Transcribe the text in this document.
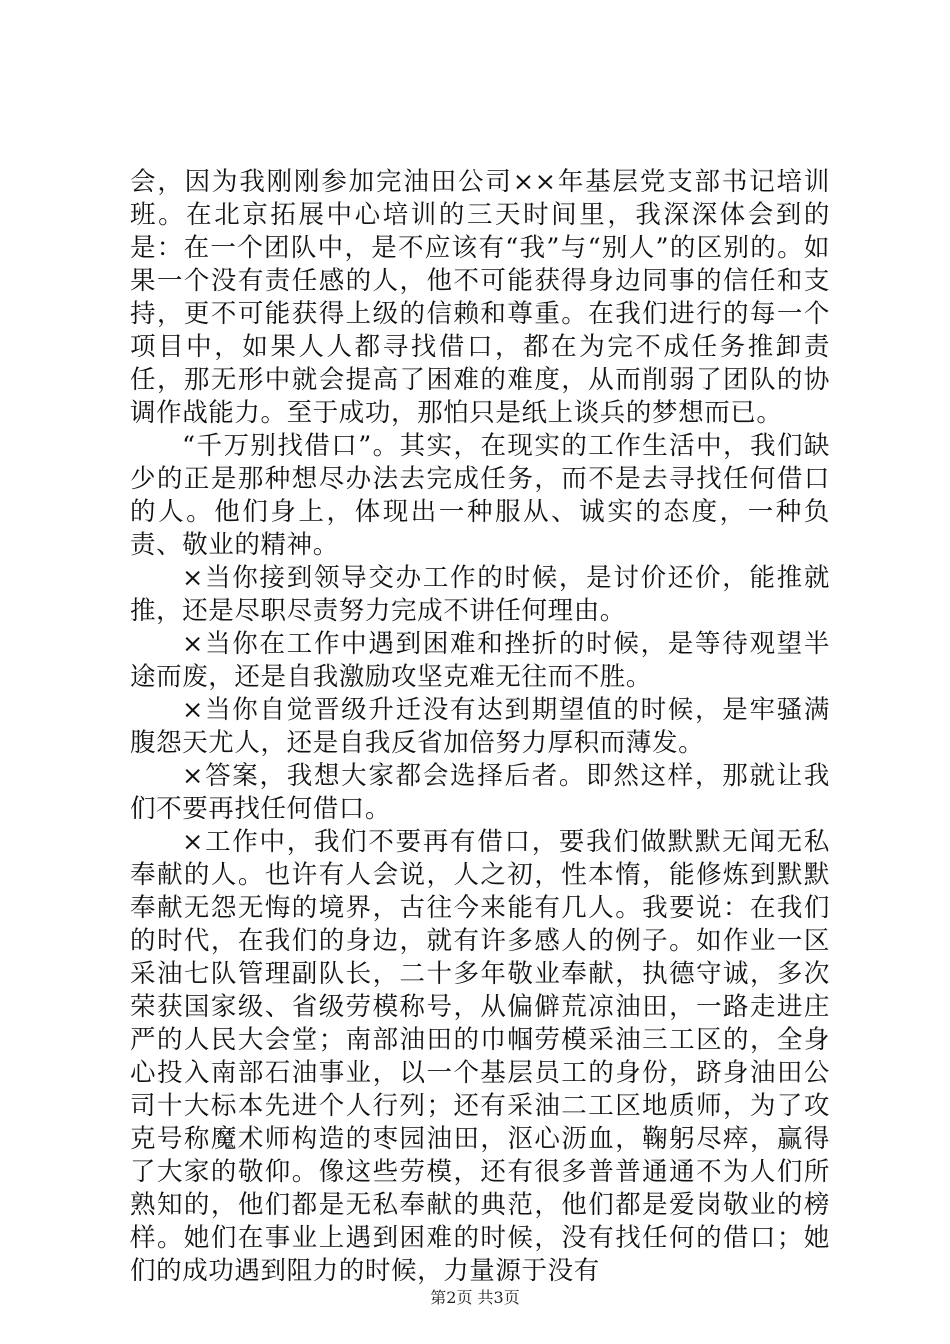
会，因为我刚刚参加完油田公司××年基层党支部书记培训班。在北京拓展中心培训的三天时间里，我深深体会到的是：在一个团队中，是不应该有“我”与“别人”的区别的。如果一个没有责任感的人，他不可能获得身边同事的信任和支持，更不可能获得上级的信赖和尊重。在我们进行的每一个项目中，如果人人都寻找借口，都在为完不成任务推卸责任，那无形中就会提高了困难的难度，从而削弱了团队的协调作战能力。至于成功，那怕只是纸上谈兵的梦想而已。

“千万别找借口”。其实，在现实的工作生活中，我们缺少的正是那种想尽办法去完成任务，而不是去寻找任何借口的人。他们身上，体现出一种服从、诚实的态度，一种负责、敬业的精神。

×当你接到领导交办工作的时候，是讨价还价，能推就推，还是尽职尽责努力完成不讲任何理由。

×当你在工作中遇到困难和挫折的时候，是等待观望半途而废，还是自我激励攻坚克难无往而不胜。

×当你自觉晋级升迁没有达到期望值的时候，是牢骚满腹怨天尤人，还是自我反省加倍努力厚积而薄发。

×答案，我想大家都会选择后者。即然这样，那就让我们不要再找任何借口。

×工作中，我们不要再有借口，要我们做默默无闻无私奉献的人。也许有人会说，人之初，性本惰，能修炼到默默奉献无怨无悔的境界，古往今来能有几人。我要说：在我们的时代，在我们的身边，就有许多感人的例子。如作业一区采油七队管理副队长，二十多年敬业奉献，执德守诚，多次荣获国家级、省级劳模称号，从偏僻荒凉油田，一路走进庄严的人民大会堂；南部油田的巾帼劳模采油三工区的，全身心投入南部石油事业，以一个基层员工的身份，跻身油田公司十大标本先进个人行列；还有采油二工区地质师，为了攻克号称魔术师构造的枣园油田，沤心沥血，鞠躬尽瘁，赢得了大家的敬仰。像这些劳模，还有很多普普通通不为人们所熟知的，他们都是无私奉献的典范，他们都是爱岗敬业的榜样。她们在事业上遇到困难的时候，没有找任何的借口；她们的成功遇到阻力的时候，力量源于没有

第2页 共3页
